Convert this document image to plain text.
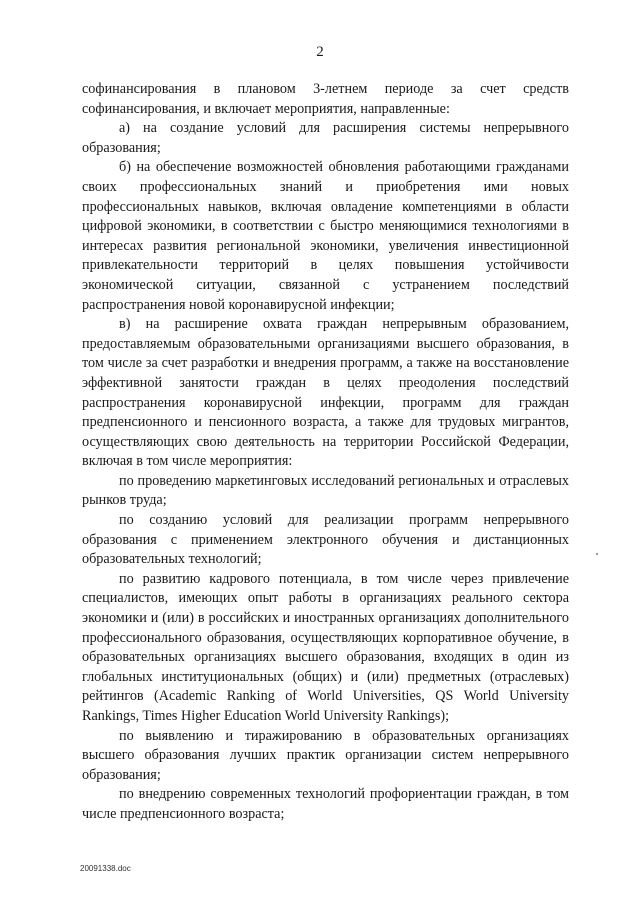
2

софинансирования в плановом 3-летнем периоде за счет средств софинансирования, и включает мероприятия, направленные:

а) на создание условий для расширения системы непрерывного образования;

б) на обеспечение возможностей обновления работающими гражданами своих профессиональных знаний и приобретения ими новых профессиональных навыков, включая овладение компетенциями в области цифровой экономики, в соответствии с быстро меняющимися технологиями в интересах развития региональной экономики, увеличения инвестиционной привлекательности территорий в целях повышения устойчивости экономической ситуации, связанной с устранением последствий распространения новой коронавирусной инфекции;

в) на расширение охвата граждан непрерывным образованием, предоставляемым образовательными организациями высшего образования, в том числе за счет разработки и внедрения программ, а также на восстановление эффективной занятости граждан в целях преодоления последствий распространения коронавирусной инфекции, программ для граждан предпенсионного и пенсионного возраста, а также для трудовых мигрантов, осуществляющих свою деятельность на территории Российской Федерации, включая в том числе мероприятия:

по проведению маркетинговых исследований региональных и отраслевых рынков труда;

по созданию условий для реализации программ непрерывного образования с применением электронного обучения и дистанционных образовательных технологий;

по развитию кадрового потенциала, в том числе через привлечение специалистов, имеющих опыт работы в организациях реального сектора экономики и (или) в российских и иностранных организациях дополнительного профессионального образования, осуществляющих корпоративное обучение, в образовательных организациях высшего образования, входящих в один из глобальных институциональных (общих) и (или) предметных (отраслевых) рейтингов (Academic Ranking of World Universities, QS World University Rankings, Times Higher Education World University Rankings);

по выявлению и тиражированию в образовательных организациях высшего образования лучших практик организации систем непрерывного образования;

по внедрению современных технологий профориентации граждан, в том числе предпенсионного возраста;

20091338.doc
